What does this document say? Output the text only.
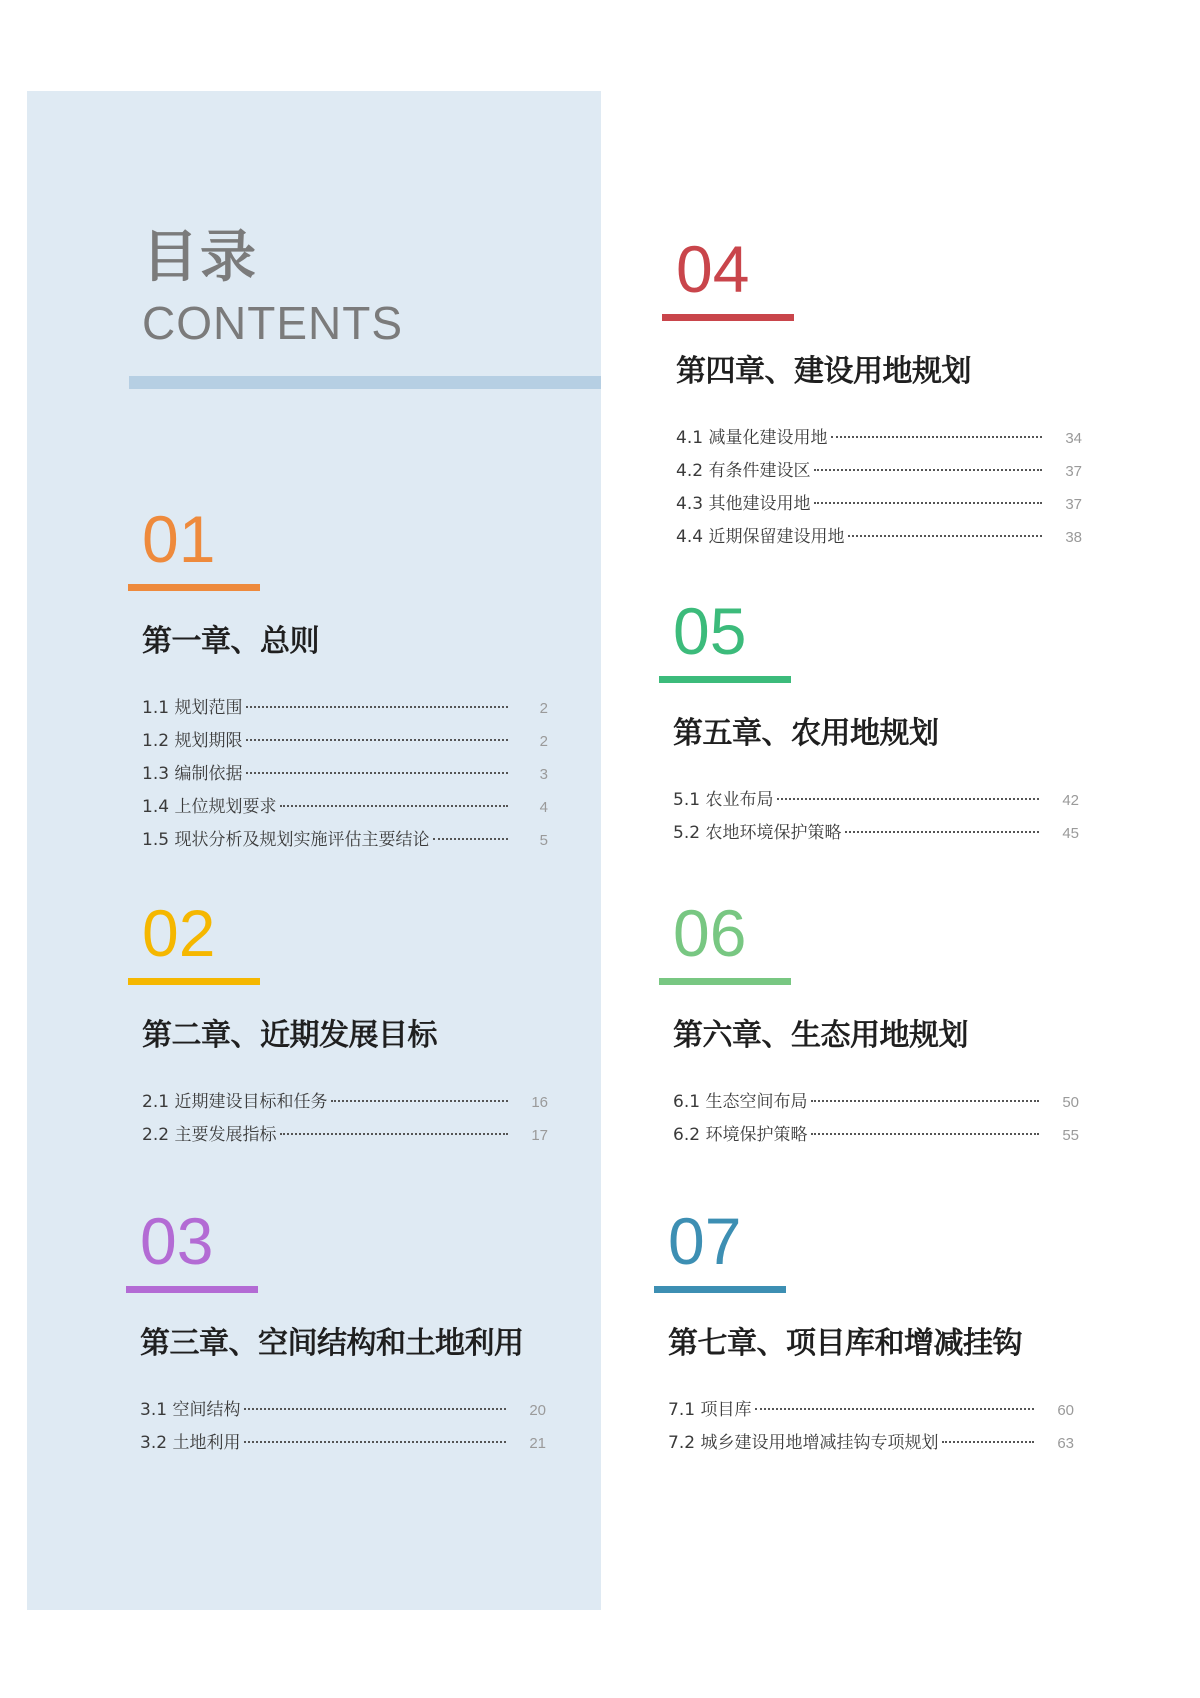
目录
CONTENTS
01
第一章、总则
1.1 规划范围	2
1.2 规划期限	2
1.3 编制依据	3
1.4 上位规划要求	4
1.5 现状分析及规划实施评估主要结论	5
02
第二章、近期发展目标
2.1 近期建设目标和任务	16
2.2 主要发展指标	17
03
第三章、空间结构和土地利用
3.1 空间结构	20
3.2 土地利用	21
04
第四章、建设用地规划
4.1 减量化建设用地	34
4.2 有条件建设区	37
4.3 其他建设用地	37
4.4 近期保留建设用地	38
05
第五章、农用地规划
5.1 农业布局	42
5.2 农地环境保护策略	45
06
第六章、生态用地规划
6.1 生态空间布局	50
6.2 环境保护策略	55
07
第七章、项目库和增减挂钩
7.1 项目库	60
7.2 城乡建设用地增减挂钩专项规划	63
